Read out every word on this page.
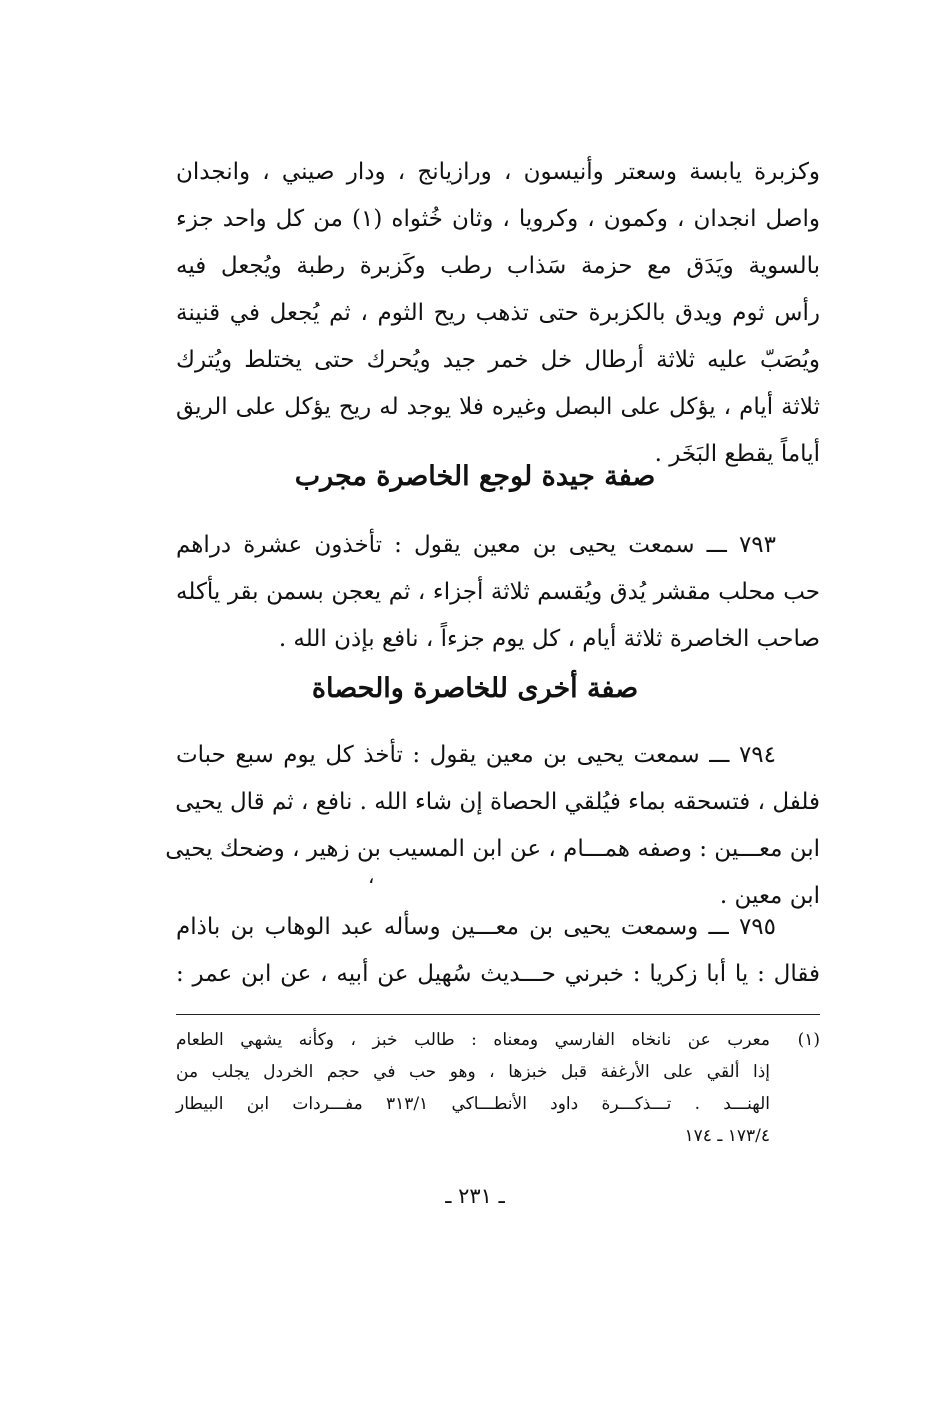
وكزبرة يابسة وسعتر وأنيسون ، ورازيانج ، ودار صيني ، وانجدان
واصل انجدان ، وكمون ، وكرويا ، وثان خُثواه (١) من كل واحد جزء
بالسوية ويَدَق مع حزمة سَذاب رطب وكَزبرة رطبة ويُجعل فيه
رأس ثوم ويدق بالكزبرة حتى تذهب ريح الثوم ، ثم يُجعل في قنينة
ويُصَبّ عليه ثلاثة أرطال خل خمر جيد ويُحرك حتى يختلط ويُترك
ثلاثة أيام ، يؤكل على البصل وغيره فلا يوجد له ريح يؤكل على الريق
أياماً يقطع البَخَر .
صفة جيدة لوجع الخاصرة مجرب
٧٩٣ ـــ سمعت يحيى بن معين يقول : تأخذون عشرة دراهم
حب محلب مقشر يُدق ويُقسم ثلاثة أجزاء ، ثم يعجن بسمن بقر يأكله
صاحب الخاصرة ثلاثة أيام ، كل يوم جزءاً ، نافع بإذن الله .
صفة أخرى للخاصرة والحصاة
٧٩٤ ـــ سمعت يحيى بن معين يقول : تأخذ كل يوم سبع حبات
فلفل ، فتسحقه بماء فيُلقي الحصاة إن شاء الله . نافع ، ثم قال يحيى
ابن معـــين : وصفه همـــام ، عن ابن المسيب بن زهير ، وضحك يحيى
ابن معين .
،
٧٩٥ ـــ وسمعت يحيى بن معـــين وسأله عبد الوهاب بن باذام
فقال : يا أبا زكريا : خبرني حـــديث سُهيل عن أبيه ، عن ابن عمر :
(١)
معرب عن نانخاه الفارسي ومعناه : طالب خبز ، وكأنه يشهي الطعام
إذا ألقي على الأرغفة قبل خبزها ، وهو حب في حجم الخردل يجلب من
الهنـــد . تـــذكـــرة داود الأنطـــاكي ٣١٣/١ مفـــردات ابن البيطار
١٧٣/٤ ـ ١٧٤
ـ ٢٣١ ـ
